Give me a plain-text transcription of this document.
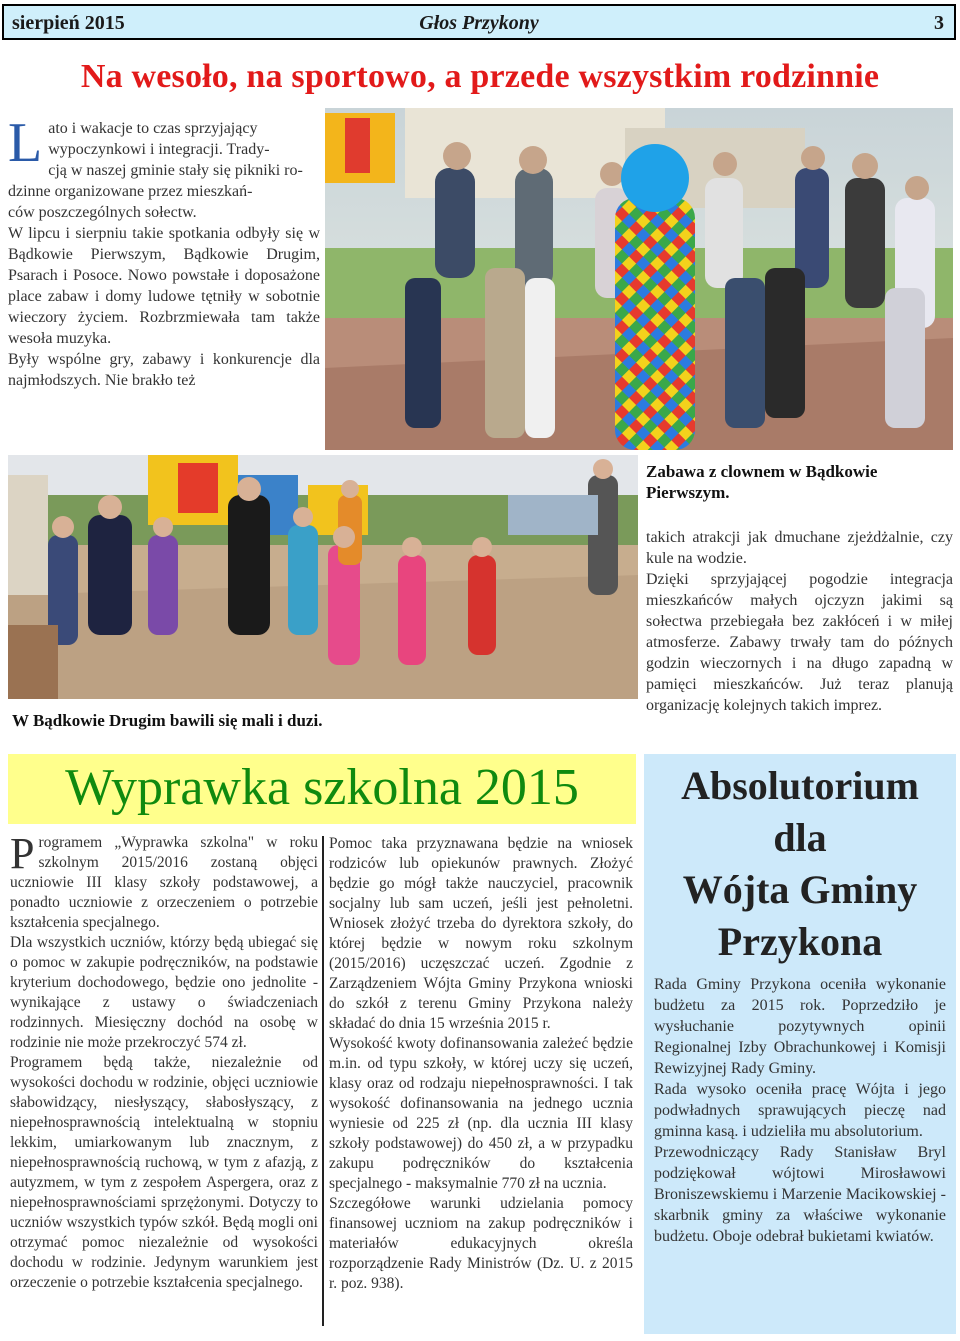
sierpień 2015	Głos Przykony	3
Na wesoło, na sportowo, a przede wszystkim rodzinnie
L ato i wakacje to czas sprzyjający
wypoczynkowi i integracji. Trady-
cją w naszej gminie stały się pikniki ro-
dzinne organizowane przez mieszkań-
ców poszczególnych sołectw.

W lipcu i sierpniu takie spotkania odbyły się w Bądkowie Pierwszym, Bądkowie Drugim, Psarach i Posoce. Nowo powstałe i doposażone place zabaw i domy ludowe tętniły w sobotnie wieczory życiem. Rozbrzmiewała tam także wesoła muzyka.

Były wspólne gry, zabawy i konkurencje dla najmłodszych. Nie brakło też

Zabawa z clownem w Bądkowie Pierwszym.
W Bądkowie Drugim bawili się mali i duzi.

takich atrakcji jak dmuchane zjeżdżalnie, czy kule na wodzie.

Dzięki sprzyjającej pogodzie integracja mieszkańców małych ojczyzn jakimi są sołectwa przebiegała bez zakłóceń i w miłej atmosferze. Zabawy trwały tam do późnych godzin wieczornych i na długo zapadną w pamięci mieszkańców. Już teraz planują organizację kolejnych takich imprez.

Wyprawka szkolna 2015
P rogramem „Wyprawka szkolna" w roku szkolnym 2015/2016 zostaną objęci uczniowie III klasy szkoły podstawowej, a ponadto uczniowie z orzeczeniem o potrzebie kształcenia specjalnego.

Dla wszystkich uczniów, którzy będą ubiegać się o pomoc w zakupie podręczników, na podstawie kryterium dochodowego, będzie ono jednolite - wynikające z ustawy o świadczeniach rodzinnych. Miesięczny dochód na osobę w rodzinie nie może przekroczyć 574 zł.

Programem będą także, niezależnie od wysokości dochodu w rodzinie, objęci uczniowie słabowidzący, niesłyszący, słabosłyszący, z niepełnosprawnością intelektualną w stopniu lekkim, umiarkowanym lub znacznym, z niepełnosprawnością ruchową, w tym z afazją, z autyzmem, w tym z zespołem Aspergera, oraz z niepełnosprawnościami sprzężonymi. Dotyczy to uczniów wszystkich typów szkół. Będą mogli oni otrzymać pomoc niezależnie od wysokości dochodu w rodzinie. Jedynym warunkiem jest orzeczenie o potrzebie kształcenia specjalnego.

Pomoc taka przyznawana będzie na wniosek rodziców lub opiekunów prawnych. Złożyć będzie go mógł także nauczyciel, pracownik socjalny lub sam uczeń, jeśli jest pełnoletni. Wniosek złożyć trzeba do dyrektora szkoły, do której będzie w nowym roku szkolnym (2015/2016) uczęszczać uczeń. Zgodnie z Zarządzeniem Wójta Gminy Przykona wnioski do szkół z terenu Gminy Przykona należy składać do dnia 15 września 2015 r.

Wysokość kwoty dofinansowania zależeć będzie m.in. od typu szkoły, w której uczy się uczeń, klasy oraz od rodzaju niepełnosprawności. I tak wysokość dofinansowania na jednego ucznia wyniesie od 225 zł (np. dla ucznia III klasy szkoły podstawowej) do 450 zł, a w przypadku zakupu podręczników do kształcenia specjalnego - maksymalnie 770 zł na ucznia.

Szczegółowe warunki udzielania pomocy finansowej uczniom na zakup podręczników i materiałów edukacyjnych określa rozporządzenie Rady Ministrów (Dz. U. z 2015 r. poz. 938).

Absolutorium
dla
Wójta Gminy
Przykona

Rada Gminy Przykona oceniła wykonanie budżetu za 2015 rok. Poprzedziło je wysłuchanie pozytywnych opinii Regionalnej Izby Obrachunkowej i Komisji Rewizyjnej Rady Gminy.

Rada wysoko oceniła pracę Wójta i jego podwładnych sprawujących pieczę nad gminna kasą. i udzieliła mu absolutorium.

Przewodniczący Rady Stanisław Bryl podziękował wójtowi Mirosławowi Broniszewskiemu i Marzenie Macikowskiej - skarbnik gminy za właściwe wykonanie budżetu. Oboje odebrał bukietami kwiatów.
